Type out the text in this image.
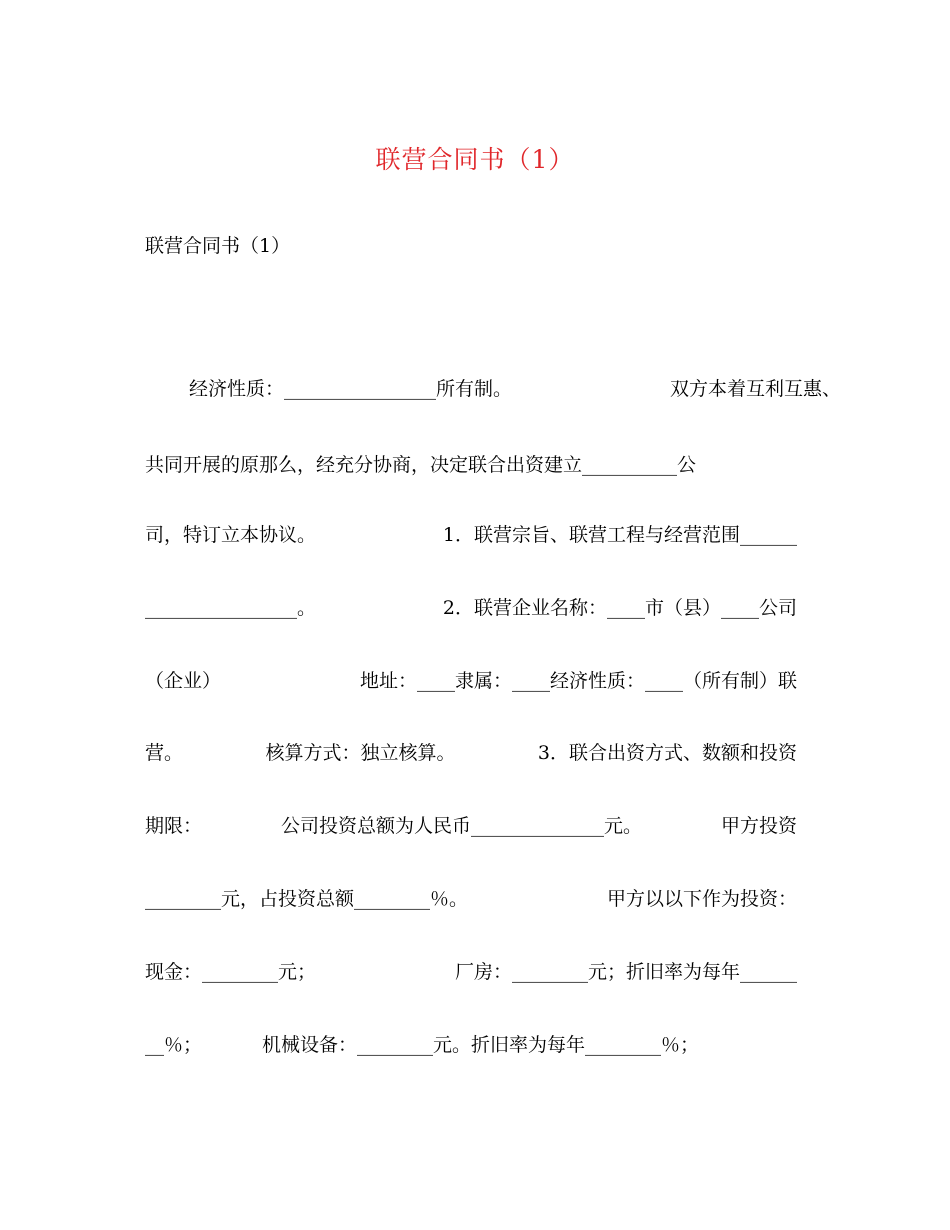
联营合同书（1）
联营合同书（1）
经济性质：________________所有制。	双方本着互利互惠、
共同开展的原那么，经充分协商，决定联合出资建立__________公
司，特订立本协议。	1．联营宗旨、联营工程与经营范围______
________________。	2．联营企业名称：____市（县）____公司
（企业）	地址：____隶属：____经济性质：____（所有制）联
营。	核算方式：独立核算。	3．联合出资方式、数额和投资
期限：	公司投资总额为人民币______________元。	甲方投资
________元，占投资总额________％。	甲方以以下作为投资：
现金：________元；	厂房：________元；折旧率为每年______
__％；	机械设备：________元。折旧率为每年________％；
